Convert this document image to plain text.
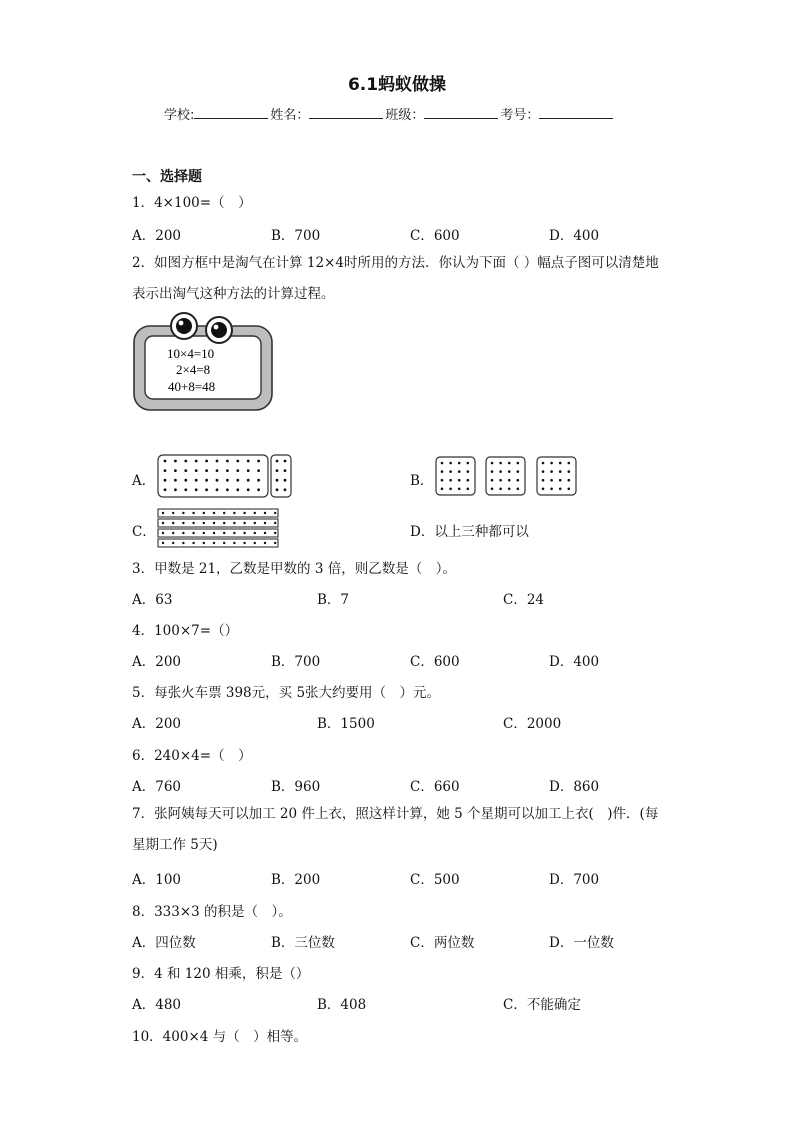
6.1蚂蚁做操
学校:	姓名：	班级：	考号：
一、选择题
1．4×100=（　）
A．200	B．700	C．600	D．400
2．如图方框中是淘气在计算 12×4时所用的方法．你认为下面（ ）幅点子图可以清楚地表示出淘气这种方法的计算过程。
10×4=10
2×4=8
40+8=48
A．	B．
C．	D．以上三种都可以
3．甲数是 21，乙数是甲数的 3 倍，则乙数是（　）。
A．63	B．7	C．24
4．100×7=（）
A．200	B．700	C．600	D．400
5．每张火车票 398元，买 5张大约要用（　）元。
A．200	B．1500	C．2000
6．240×4=（　）
A．760	B．960	C．660	D．860
7．张阿姨每天可以加工 20 件上衣，照这样计算，她 5 个星期可以加工上衣(　)件．(每星期工作 5天)
A．100	B．200	C．500	D．700
8．333×3 的积是（　）。
A．四位数	B．三位数	C．两位数	D．一位数
9．4 和 120 相乘，积是（）
A．480	B．408	C．不能确定
10．400×4 与（　）相等。
